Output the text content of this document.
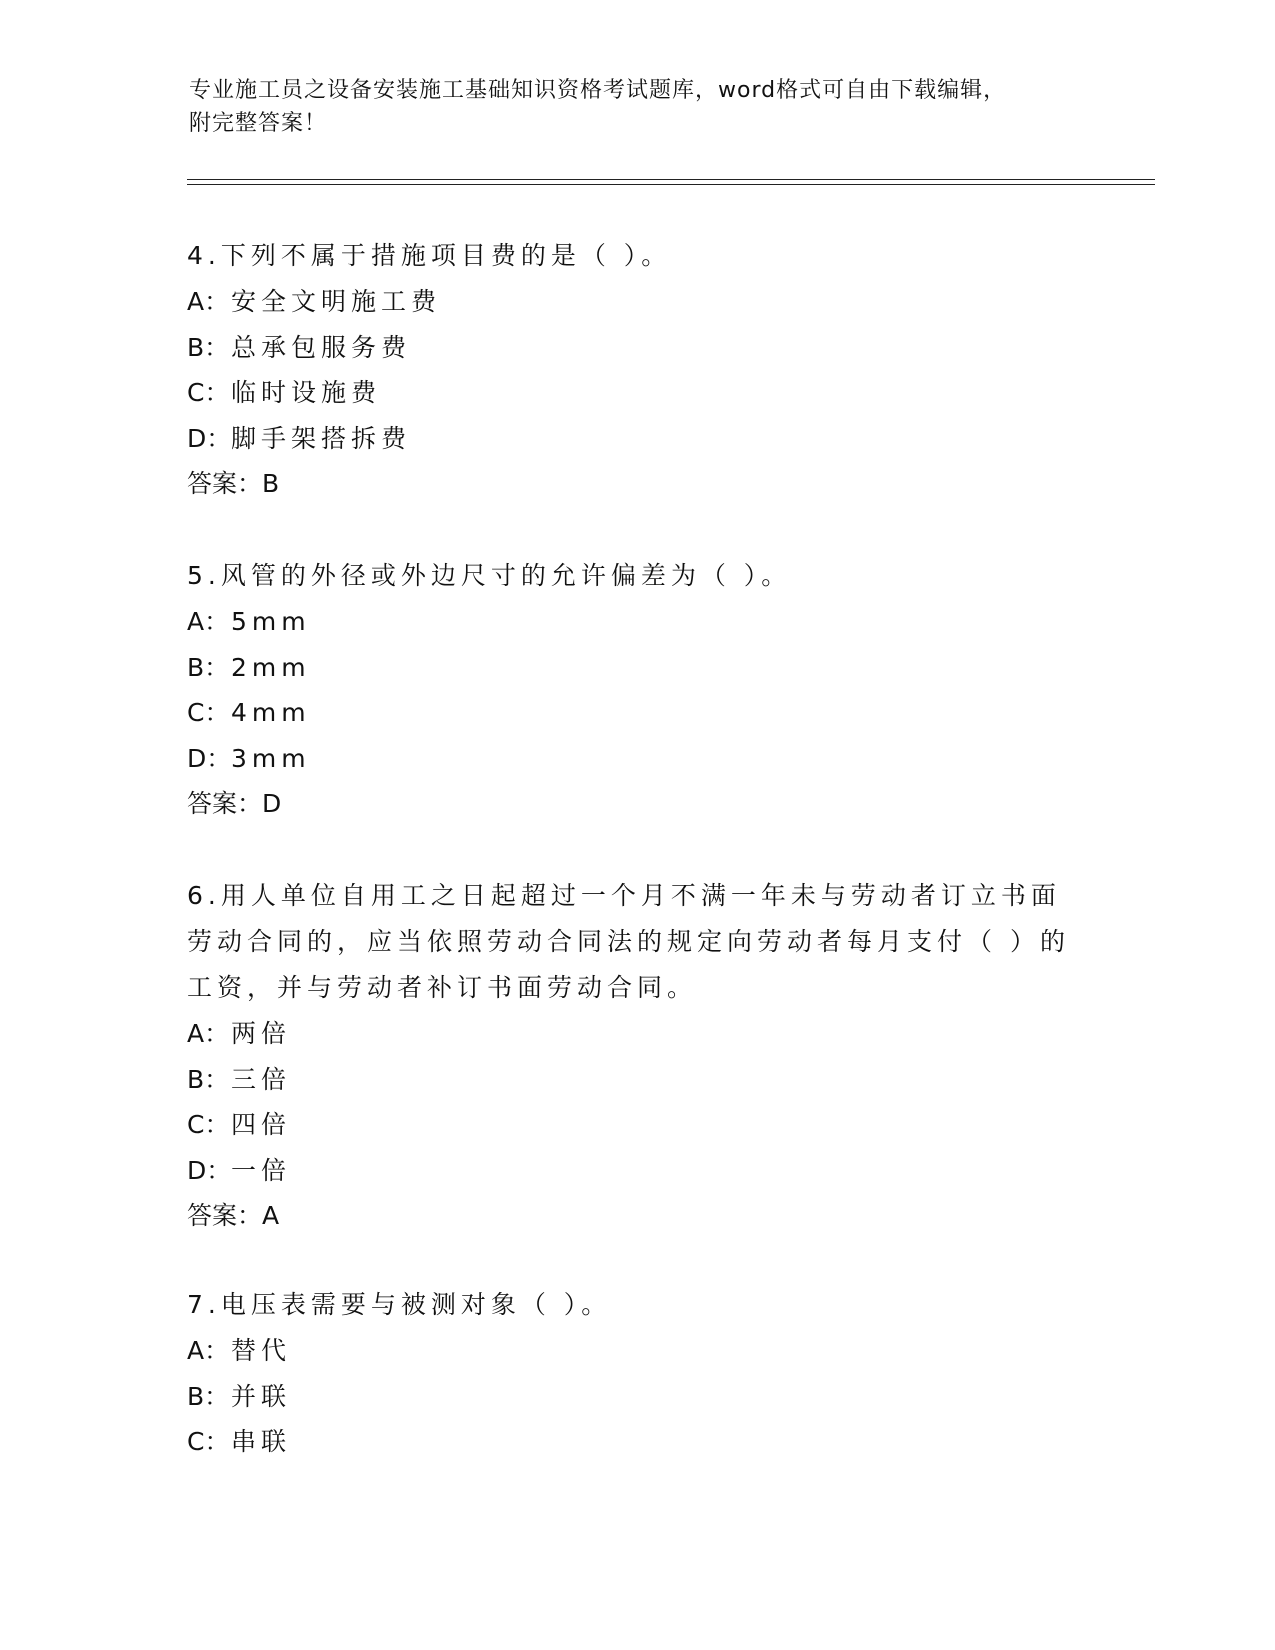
专业施工员之设备安装施工基础知识资格考试题库，word格式可自由下载编辑，
附完整答案！
4.下列不属于措施项目费的是（ ）。
A：安全文明施工费
B：总承包服务费
C：临时设施费
D：脚手架搭拆费
答案：B
5.风管的外径或外边尺寸的允许偏差为（ ）。
A：5mm
B：2mm
C：4mm
D：3mm
答案：D
6.用人单位自用工之日起超过一个月不满一年未与劳动者订立书面劳动合同的，应当依照劳动合同法的规定向劳动者每月支付（ ）的工资，并与劳动者补订书面劳动合同。
A：两倍
B：三倍
C：四倍
D：一倍
答案：A
7.电压表需要与被测对象（ ）。
A：替代
B：并联
C：串联
